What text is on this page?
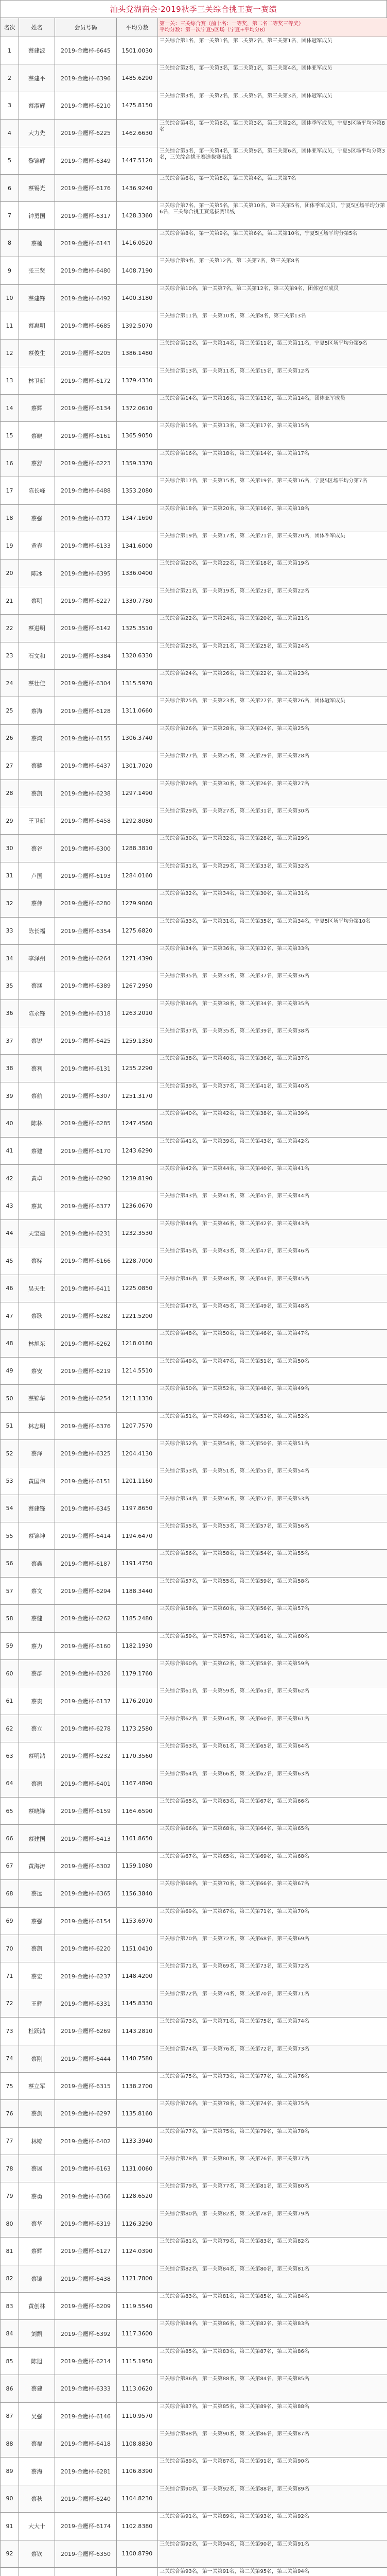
汕头党湖商会·2019秋季三关综合挑王赛一赛绩
名次	姓名	会员号码	平均分数	第一关：三关综合赛（前十名：一等奖，第二名二等奖三等奖）
平均分数：第一次宁夏5区场（宁夏+平均分8）

1	蔡建波	2019-金鹰杯-6645	1501.0030	三关综合第1名，第一关第1名，第二关第2名，第三关第1名，团体冠军成员
2	蔡建平	2019-金鹰杯-6396	1485.6290	三关综合第2名，第一关第3名，第二关第1名，第三关第4名，团体亚军成员
3	蔡淑辉	2019-金鹰杯-6210	1475.8150	三关综合第3名，第一关第2名，第二关第5名，第三关第3名，团体冠军成员
4	大力先	2019-金鹰杯-6225	1462.6630	三关综合第4名，第一关第6名，第二关第3名，第三关第2名，团体季军成员，宁夏5区场平均分第8名
5	黎锦辉	2019-金鹰杯-6349	1447.5120	三关综合第5名，第一关第4名，第二关第9名，第三关第6名，团体亚军成员，宁夏5区场平均分第3名，三关综合挑王赛选拔赛出线
6	蔡锡光	2019-金鹰杯-6176	1436.9240	三关综合第6名，第一关第8名，第二关第4名，第三关第7名
7	钟勇国	2019-金鹰杯-6317	1428.3360	三关综合第7名，第一关第5名，第二关第10名，第三关第5名，团体季军成员，宁夏5区场平均分第6名，三关综合挑王赛选拔赛出线
8	蔡楠	2019-金鹰杯-6143	1416.0520	三关综合第8名，第一关第9名，第二关第6名，第三关第10名，宁夏5区场平均分第5名
9	张三贤	2019-金鹰杯-6480	1408.7190	三关综合第9名，第一关第12名，第二关第7名，第三关第8名
10	蔡建锋	2019-金鹰杯-6492	1400.3180	三关综合第10名，第一关第7名，第二关第12名，第三关第9名，团体冠军成员
11	蔡惠明	2019-金鹰杯-6685	1392.5070	三关综合第11名，第一关第10名，第二关第8名，第三关第13名
12	蔡俊生	2019-金鹰杯-6205	1386.1480	三关综合第12名，第一关第14名，第二关第11名，第三关第11名，宁夏5区场平均分第9名
13	林卫新	2019-金鹰杯-6172	1379.4330	三关综合第13名，第一关第11名，第二关第15名，第三关第12名
14	蔡辉	2019-金鹰杯-6134	1372.0610	三关综合第14名，第一关第16名，第二关第13名，第三关第14名，团体亚军成员
15	蔡晓	2019-金鹰杯-6161	1365.9050	三关综合第15名，第一关第13名，第二关第17名，第三关第15名
16	蔡舒	2019-金鹰杯-6223	1359.3370	三关综合第16名，第一关第18名，第二关第14名，第三关第17名
17	陈长峰	2019-金鹰杯-6488	1353.2080	三关综合第17名，第一关第15名，第二关第19名，第三关第16名，宁夏5区场平均分第7名
18	蔡强	2019-金鹰杯-6372	1347.1690	三关综合第18名，第一关第20名，第二关第16名，第三关第18名
19	黄春	2019-金鹰杯-6133	1341.6000	三关综合第19名，第一关第17名，第二关第21名，第三关第20名，团体季军成员
20	陈冰	2019-金鹰杯-6395	1336.0400	三关综合第20名，第一关第22名，第二关第18名，第三关第19名
21	蔡明	2019-金鹰杯-6227	1330.7780	三关综合第21名，第一关第19名，第二关第23名，第三关第22名
22	蔡进明	2019-金鹰杯-6142	1325.3510	三关综合第22名，第一关第24名，第二关第20名，第三关第21名
23	石文和	2019-金鹰杯-6384	1320.6330	三关综合第23名，第一关第21名，第二关第25名，第三关第24名
24	蔡壮佳	2019-金鹰杯-6304	1315.5970	三关综合第24名，第一关第26名，第二关第22名，第三关第23名
25	蔡海	2019-金鹰杯-6128	1311.0660	三关综合第25名，第一关第23名，第二关第27名，第三关第26名，团体冠军成员
26	蔡鸿	2019-金鹰杯-6155	1306.3740	三关综合第26名，第一关第28名，第二关第24名，第三关第25名
27	蔡耀	2019-金鹰杯-6437	1301.7020	三关综合第27名，第一关第25名，第二关第29名，第三关第28名
28	蔡凯	2019-金鹰杯-6238	1297.1490	三关综合第28名，第一关第30名，第二关第26名，第三关第27名
29	王卫新	2019-金鹰杯-6458	1292.8080	三关综合第29名，第一关第27名，第二关第31名，第三关第30名
30	蔡谷	2019-金鹰杯-6300	1288.3810	三关综合第30名，第一关第32名，第二关第28名，第三关第29名
31	卢国	2019-金鹰杯-6193	1284.0160	三关综合第31名，第一关第29名，第二关第33名，第三关第32名
32	蔡伟	2019-金鹰杯-6280	1279.9060	三关综合第32名，第一关第34名，第二关第30名，第三关第31名
33	陈长福	2019-金鹰杯-6354	1275.6820	三关综合第33名，第一关第31名，第二关第35名，第三关第34名，宁夏5区场平均分第10名
34	李泽州	2019-金鹰杯-6264	1271.4390	三关综合第34名，第一关第36名，第二关第32名，第三关第33名
35	蔡涵	2019-金鹰杯-6389	1267.2950	三关综合第35名，第一关第33名，第二关第37名，第三关第36名
36	陈永锋	2019-金鹰杯-6318	1263.2010	三关综合第36名，第一关第38名，第二关第34名，第三关第35名
37	蔡锐	2019-金鹰杯-6425	1259.1350	三关综合第37名，第一关第35名，第二关第39名，第三关第38名
38	蔡利	2019-金鹰杯-6131	1255.2290	三关综合第38名，第一关第40名，第二关第36名，第三关第37名
39	蔡航	2019-金鹰杯-6307	1251.3170	三关综合第39名，第一关第37名，第二关第41名，第三关第40名
40	陈林	2019-金鹰杯-6285	1247.4560	三关综合第40名，第一关第42名，第二关第38名，第三关第39名
41	蔡建	2019-金鹰杯-6170	1243.6290	三关综合第41名，第一关第39名，第二关第43名，第三关第42名
42	黄卓	2019-金鹰杯-6290	1239.8190	三关综合第42名，第一关第44名，第二关第40名，第三关第41名
43	蔡其	2019-金鹰杯-6377	1236.0670	三关综合第43名，第一关第41名，第二关第45名，第三关第44名
44	天宝建	2019-金鹰杯-6231	1232.3530	三关综合第44名，第一关第46名，第二关第42名，第三关第43名
45	蔡标	2019-金鹰杯-6166	1228.7000	三关综合第45名，第一关第43名，第二关第47名，第三关第46名
46	吴天生	2019-金鹰杯-6411	1225.0850	三关综合第46名，第一关第48名，第二关第44名，第三关第45名
47	蔡耿	2019-金鹰杯-6282	1221.5200	三关综合第47名，第一关第45名，第二关第49名，第三关第48名
48	林旭东	2019-金鹰杯-6262	1218.0180	三关综合第48名，第一关第50名，第二关第46名，第三关第47名
49	蔡安	2019-金鹰杯-6219	1214.5510	三关综合第49名，第一关第47名，第二关第51名，第三关第50名
50	蔡锦华	2019-金鹰杯-6254	1211.1330	三关综合第50名，第一关第52名，第二关第48名，第三关第49名
51	林志明	2019-金鹰杯-6376	1207.7570	三关综合第51名，第一关第49名，第二关第53名，第三关第52名
52	蔡泽	2019-金鹰杯-6325	1204.4130	三关综合第52名，第一关第54名，第二关第50名，第三关第51名
53	黄国伟	2019-金鹰杯-6151	1201.1160	三关综合第53名，第一关第51名，第二关第55名，第三关第54名
54	蔡建锋	2019-金鹰杯-6345	1197.8650	三关综合第54名，第一关第56名，第二关第52名，第三关第53名
55	蔡锦坤	2019-金鹰杯-6414	1194.6470	三关综合第55名，第一关第53名，第二关第57名，第三关第56名
56	蔡鑫	2019-金鹰杯-6187	1191.4750	三关综合第56名，第一关第58名，第二关第54名，第三关第55名
57	蔡文	2019-金鹰杯-6294	1188.3440	三关综合第57名，第一关第55名，第二关第59名，第三关第58名
58	蔡健	2019-金鹰杯-6262	1185.2480	三关综合第58名，第一关第60名，第二关第56名，第三关第57名
59	蔡力	2019-金鹰杯-6160	1182.1930	三关综合第59名，第一关第57名，第二关第61名，第三关第60名
60	蔡群	2019-金鹰杯-6326	1179.1760	三关综合第60名，第一关第62名，第二关第58名，第三关第59名
61	蔡贵	2019-金鹰杯-6137	1176.2010	三关综合第61名，第一关第59名，第二关第63名，第三关第62名
62	蔡立	2019-金鹰杯-6278	1173.2580	三关综合第62名，第一关第64名，第二关第60名，第三关第61名
63	蔡明鸿	2019-金鹰杯-6232	1170.3560	三关综合第63名，第一关第61名，第二关第65名，第三关第64名
64	蔡振	2019-金鹰杯-6401	1167.4890	三关综合第64名，第一关第66名，第二关第62名，第三关第63名
65	蔡晓锋	2019-金鹰杯-6159	1164.6590	三关综合第65名，第一关第63名，第二关第67名，第三关第66名
66	蔡建国	2019-金鹰杯-6413	1161.8650	三关综合第66名，第一关第68名，第二关第64名，第三关第65名
67	黄海涛	2019-金鹰杯-6302	1159.1080	三关综合第67名，第一关第65名，第二关第69名，第三关第68名
68	蔡远	2019-金鹰杯-6365	1156.3840	三关综合第68名，第一关第70名，第二关第66名，第三关第67名
69	蔡强	2019-金鹰杯-6154	1153.6970	三关综合第69名，第一关第67名，第二关第71名，第三关第70名
70	蔡凯	2019-金鹰杯-6220	1151.0410	三关综合第70名，第一关第72名，第二关第68名，第三关第69名
71	蔡宏	2019-金鹰杯-6237	1148.4200	三关综合第71名，第一关第69名，第二关第73名，第三关第72名
72	王辉	2019-金鹰杯-6331	1145.8330	三关综合第72名，第一关第74名，第二关第70名，第三关第71名
73	杜跃鸿	2019-金鹰杯-6269	1143.2810	三关综合第73名，第一关第71名，第二关第75名，第三关第74名
74	蔡刚	2019-金鹰杯-6444	1140.7580	三关综合第74名，第一关第76名，第二关第72名，第三关第73名
75	蔡立军	2019-金鹰杯-6315	1138.2700	三关综合第75名，第一关第73名，第二关第77名，第三关第76名
76	蔡剑	2019-金鹰杯-6297	1135.8160	三关综合第76名，第一关第78名，第二关第74名，第三关第75名
77	林锦	2019-金鹰杯-6402	1133.3940	三关综合第77名，第一关第75名，第二关第79名，第三关第78名
78	蔡展	2019-金鹰杯-6163	1131.0060	三关综合第78名，第一关第80名，第二关第76名，第三关第77名
79	蔡勇	2019-金鹰杯-6366	1128.6520	三关综合第79名，第一关第77名，第二关第81名，第三关第80名
80	蔡华	2019-金鹰杯-6319	1126.3290	三关综合第80名，第一关第82名，第二关第78名，第三关第79名
81	蔡辉	2019-金鹰杯-6127	1124.0390	三关综合第81名，第一关第79名，第二关第83名，第三关第82名
82	蔡锦	2019-金鹰杯-6438	1121.7800	三关综合第82名，第一关第84名，第二关第80名，第三关第81名
83	黄创林	2019-金鹰杯-6209	1119.5540	三关综合第83名，第一关第81名，第二关第85名，第三关第84名
84	刘凯	2019-金鹰杯-6392	1117.3600	三关综合第84名，第一关第86名，第二关第82名，第三关第83名
85	陈旭	2019-金鹰杯-6214	1115.1950	三关综合第85名，第一关第83名，第二关第87名，第三关第86名
86	蔡建	2019-金鹰杯-6333	1113.0620	三关综合第86名，第一关第88名，第二关第84名，第三关第85名
87	吴强	2019-金鹰杯-6146	1110.9570	三关综合第87名，第一关第85名，第二关第89名，第三关第88名
88	蔡福	2019-金鹰杯-6418	1108.8830	三关综合第88名，第一关第90名，第二关第86名，第三关第87名
89	蔡海	2019-金鹰杯-6281	1106.8390	三关综合第89名，第一关第87名，第二关第91名，第三关第90名
90	蔡秋	2019-金鹰杯-6240	1104.8230	三关综合第90名，第一关第92名，第二关第88名，第三关第89名
91	大大十	2019-金鹰杯-6174	1102.8380	三关综合第91名，第一关第89名，第二关第93名，第三关第92名
92	蔡钦	2019-金鹰杯-6350	1100.8790	三关综合第92名，第一关第94名，第二关第90名，第三关第91名
				三关综合第93名，第一关第91名，第二关第95名，第三关第94名
